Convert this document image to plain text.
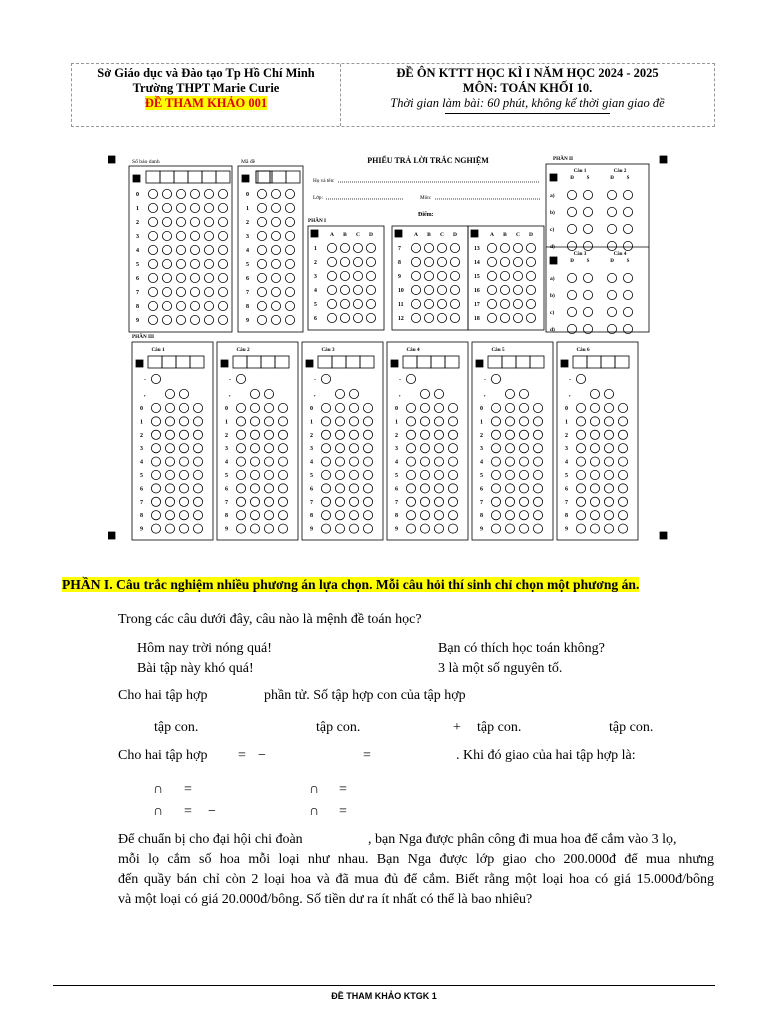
Sở Giáo dục và Đào tạo Tp Hồ Chí Minh
Trường THPT Marie Curie
ĐỀ THAM KHẢO 001
ĐỀ ÔN KTTT HỌC KÌ I NĂM HỌC 2024 - 2025
MÔN: TOÁN KHỐI 10.
Thời gian làm bài: 60 phút, không kể thời gian giao đề
Số báo danh
0
1
2
3
4
5
6
7
8
9
Mã đề
0
1
2
3
4
5
6
7
8
9
PHIẾU TRẢ LỜI TRẮC NGHIỆM
Họ và tên:
Lớp:	Môn:
Điểm:
PHẦN I
A B C D
1
2
3
4
5
6
A B C D
7
8
9
10
11
12
A B C D
13
14
15
16
17
18
PHẦN II
Câu 1
Đ	S
a)
b)
c)
d)
Câu 2
Đ	S
Câu 3
Đ	S
a)
b)
c)
d)
Câu 4
Đ	S
PHẦN III
Câu 1
-
,
0
1
2
3
4
5
6
7
8
9
Câu 2
-
,
0
1
2
3
4
5
6
7
8
9
Câu 3
-
,
0
1
2
3
4
5
6
7
8
9
Câu 4
-
,
0
1
2
3
4
5
6
7
8
9
Câu 5
-
,
0
1
2
3
4
5
6
7
8
9
Câu 6
-
,
0
1
2
3
4
5
6
7
8
9
PHẦN I. Câu trắc nghiệm nhiều phương án lựa chọn. Mỗi câu hỏi thí sinh chỉ chọn một phương án.
Trong các câu dưới đây, câu nào là mệnh đề toán học?
Hôm nay trời nóng quá!	Bạn có thích học toán không?
Bài tập này khó quá!	3 là một số nguyên tố.
Cho hai tập hợp	phần tử. Số tập hợp con của tập hợp
tập con.	tập con.	+ tập con.	tập con.
Cho hai tập hợp = −	=	. Khi đó giao của hai tập hợp là:
∩ =	∩ =
∩ = −	∩ =
Để chuẩn bị cho đại hội chi đoàn	, bạn Nga được phân công đi mua hoa để cắm vào 3 lọ,
mỗi lọ cắm số hoa mỗi loại như nhau. Bạn Nga được lớp giao cho 200.000đ để mua nhưng
đến quầy bán chỉ còn 2 loại hoa và đã mua đủ để cắm. Biết rằng một loại hoa có giá 15.000đ/bông
và một loại có giá 20.000đ/bông. Số tiền dư ra ít nhất có thể là bao nhiêu?
ĐỀ THAM KHẢO KTGK 1
